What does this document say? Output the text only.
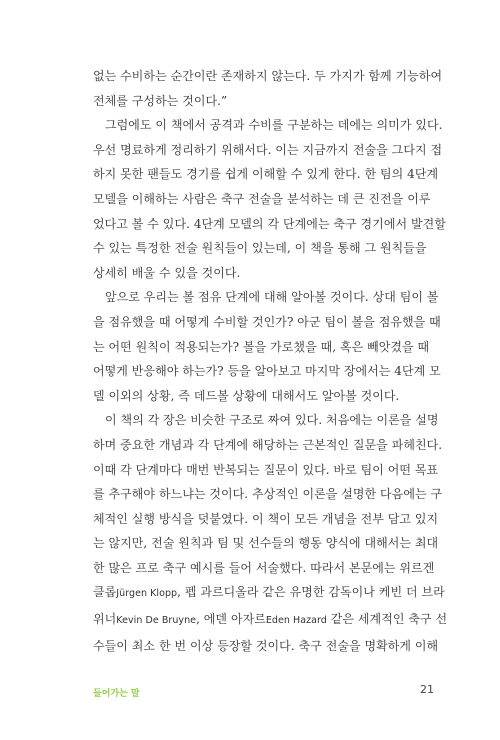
없는 수비하는 순간이란 존재하지 않는다. 두 가지가 함께 기능하여
전체를 구성하는 것이다.”
그럼에도 이 책에서 공격과 수비를 구분하는 데에는 의미가 있다.
우선 명료하게 정리하기 위해서다. 이는 지금까지 전술을 그다지 접
하지 못한 팬들도 경기를 쉽게 이해할 수 있게 한다. 한 팀의 4단계
모델을 이해하는 사람은 축구 전술을 분석하는 데 큰 진전을 이루
었다고 볼 수 있다. 4단계 모델의 각 단계에는 축구 경기에서 발견할
수 있는 특정한 전술 원칙들이 있는데, 이 책을 통해 그 원칙들을
상세히 배울 수 있을 것이다.
앞으로 우리는 볼 점유 단계에 대해 알아볼 것이다. 상대 팀이 볼
을 점유했을 때 어떻게 수비할 것인가? 아군 팀이 볼을 점유했을 때
는 어떤 원칙이 적용되는가? 볼을 가로챘을 때, 혹은 빼앗겼을 때
어떻게 반응해야 하는가? 등을 알아보고 마지막 장에서는 4단계 모
델 이외의 상황, 즉 데드볼 상황에 대해서도 알아볼 것이다.
이 책의 각 장은 비슷한 구조로 짜여 있다. 처음에는 이론을 설명
하며 중요한 개념과 각 단계에 해당하는 근본적인 질문을 파헤친다.
이때 각 단계마다 매번 반복되는 질문이 있다. 바로 팀이 어떤 목표
를 추구해야 하느냐는 것이다. 추상적인 이론을 설명한 다음에는 구
체적인 실행 방식을 덧붙였다. 이 책이 모든 개념을 전부 담고 있지
는 않지만, 전술 원칙과 팀 및 선수들의 행동 양식에 대해서는 최대
한 많은 프로 축구 예시를 들어 서술했다. 따라서 본문에는 위르겐
클롭Jürgen Klopp, 펩 과르디올라 같은 유명한 감독이나 케빈 더 브라
위너Kevin De Bruyne, 에덴 아자르Eden Hazard 같은 세계적인 축구 선
수들이 최소 한 번 이상 등장할 것이다. 축구 전술을 명확하게 이해
들어가는 말	21
